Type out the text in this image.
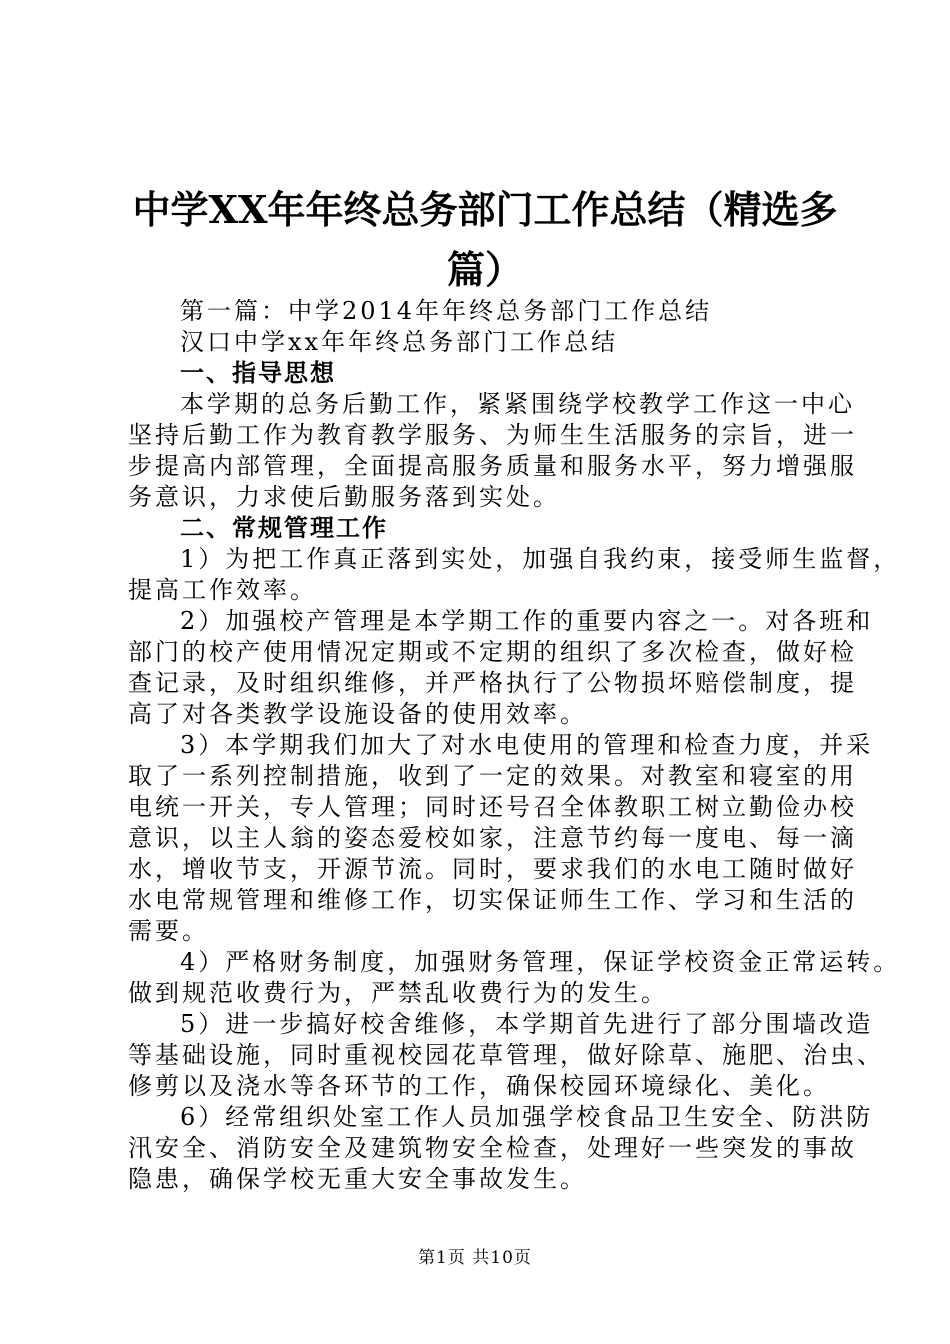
中学XX年年终总务部门工作总结（精选多
篇）
第一篇：中学2014年年终总务部门工作总结
汉口中学xx年年终总务部门工作总结
一、指导思想
本学期的总务后勤工作，紧紧围绕学校教学工作这一中心
坚持后勤工作为教育教学服务、为师生生活服务的宗旨，进一
步提高内部管理，全面提高服务质量和服务水平，努力增强服
务意识，力求使后勤服务落到实处。
二、常规管理工作
1）为把工作真正落到实处，加强自我约束，接受师生监督，
提高工作效率。
2）加强校产管理是本学期工作的重要内容之一。对各班和
部门的校产使用情况定期或不定期的组织了多次检查，做好检
查记录，及时组织维修，并严格执行了公物损坏赔偿制度，提
高了对各类教学设施设备的使用效率。
3）本学期我们加大了对水电使用的管理和检查力度，并采
取了一系列控制措施，收到了一定的效果。对教室和寝室的用
电统一开关，专人管理；同时还号召全体教职工树立勤俭办校
意识，以主人翁的姿态爱校如家，注意节约每一度电、每一滴
水，增收节支，开源节流。同时，要求我们的水电工随时做好
水电常规管理和维修工作，切实保证师生工作、学习和生活的
需要。
4）严格财务制度，加强财务管理，保证学校资金正常运转。
做到规范收费行为，严禁乱收费行为的发生。
5）进一步搞好校舍维修，本学期首先进行了部分围墙改造
等基础设施，同时重视校园花草管理，做好除草、施肥、治虫、
修剪以及浇水等各环节的工作，确保校园环境绿化、美化。
6）经常组织处室工作人员加强学校食品卫生安全、防洪防
汛安全、消防安全及建筑物安全检查，处理好一些突发的事故
隐患，确保学校无重大安全事故发生。
第1页 共10页
